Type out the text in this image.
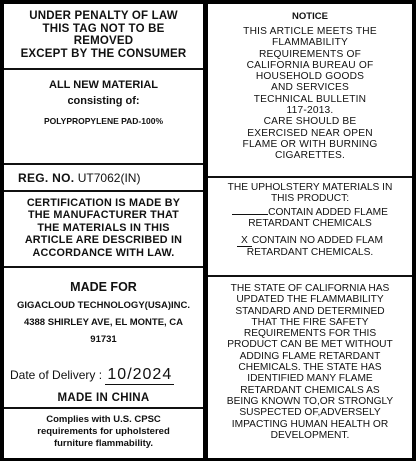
UNDER PENALTY OF LAW
THIS TAG NOT TO BE
REMOVED
EXCEPT BY THE CONSUMER
ALL NEW MATERIAL
consisting of:
POLYPROPYLENE PAD-100%
REG. NO. UT7062(IN)
CERTIFICATION IS MADE BY
THE MANUFACTURER THAT
THE MATERIALS IN THIS
ARTICLE ARE DESCRIBED IN
ACCORDANCE WITH LAW.
MADE FOR
GIGACLOUD TECHNOLOGY(USA)INC.
4388 SHIRLEY AVE, EL MONTE, CA
91731
Date of Delivery : 10/2024
MADE IN CHINA
Complies with U.S. CPSC
requirements for upholstered
furniture flammability.
NOTICE
THIS ARTICLE MEETS THE
FLAMMABILITY
REQUIREMENTS OF
CALIFORNIA BUREAU OF
HOUSEHOLD GOODS
AND SERVICES
TECHNICAL BULLETIN
117-2013.
CARE SHOULD BE
EXERCISED NEAR OPEN
FLAME OR WITH BURNING
CIGARETTES.
THE UPHOLSTERY MATERIALS IN
THIS PRODUCT:
CONTAIN ADDED FLAME
RETARDANT CHEMICALS
X CONTAIN NO ADDED FLAM
RETARDANT CHEMICALS.
THE STATE OF CALIFORNIA HAS
UPDATED THE FLAMMABILITY
STANDARD AND DETERMINED
THAT THE FIRE SAFETY
REQUIREMENTS FOR THIS
PRODUCT CAN BE MET WITHOUT
ADDING FLAME RETARDANT
CHEMICALS. THE STATE HAS
IDENTIFIED MANY FLAME
RETARDANT CHEMICALS AS
BEING KNOWN TO,OR STRONGLY
SUSPECTED OF,ADVERSELY
IMPACTING HUMAN HEALTH OR
DEVELOPMENT.
